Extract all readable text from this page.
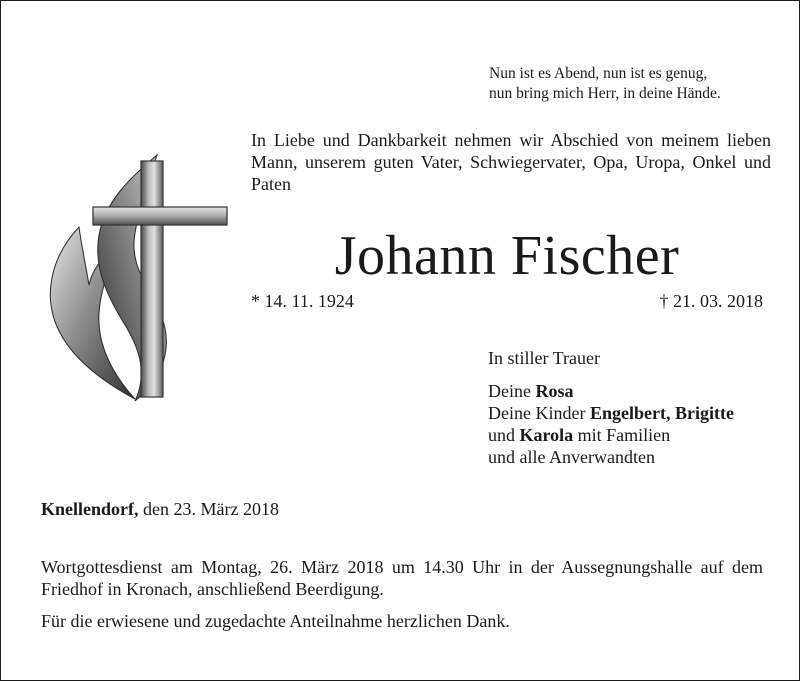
Nun ist es Abend, nun ist es genug,
nun bring mich Herr, in deine Hände.

In Liebe und Dankbarkeit nehmen wir Abschied von meinem lieben Mann, unserem guten Vater, Schwiegervater, Opa, Uropa, Onkel und Paten

Johann Fischer
* 14. 11. 1924	† 21. 03. 2018

In stiller Trauer

Deine Rosa

Deine Kinder Engelbert, Brigitte

und Karola mit Familien

und alle Anverwandten

Knellendorf, den 23. März 2018

Wortgottesdienst am Montag, 26. März 2018 um 14.30 Uhr in der Aussegnungshalle auf dem Friedhof in Kronach, anschließend Beerdigung.

Für die erwiesene und zugedachte Anteilnahme herzlichen Dank.
